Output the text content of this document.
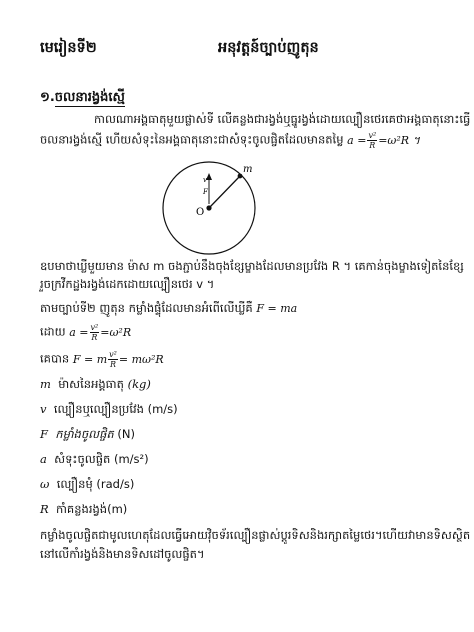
មេរៀនទី២	អនុវត្តន៍ច្បាប់ញូតុន
១.ចលនារង្វង់ស្មើ
កាលណាអង្គធាតុមួយផ្លាស់ទី លើគន្លងជារង្វង់ឬធ្នូរង្វង់ដោយល្បឿនថេរគេថាអង្គធាតុនោះធ្វើ
ចលនារង្វង់ស្មើ ហើយសំទុះនៃអង្គធាតុនោះជាសំទុះចូលផ្ចិតដែលមានតម្លៃ $a = \frac{\text{v²}}{R} =\omega^2R$ ។
m
O
v
F
ឧបមាថាឃ្លីមួយមាន ម៉ាស m ចងភ្ជាប់នឹងចុងខ្សែម្ខាងដែលមានប្រវែង R ។ គេកាន់ចុងម្ខាងទៀតនៃខ្សែ
រួចក្រវីកដ្ឋងរង្វង់ដេកដោយល្បឿនថេរ v ។
តាមច្បាប់ទី២ ញូតុន កម្លាំងផ្ទុំដែលមានអំពើលើឃ្លីគឺ F = ma
ដោយ $a = \frac{\text{v²}}{R} =\omega^2R$
គេបាន F = m $\frac{\text{v²}}{R} = m\omega^2R$
m ម៉ាសនៃអង្គធាតុ (kg)
v ល្បឿនឬល្បឿនប្រវែង (m/s)
F កម្លាំងចូលផ្ចិត (N)
a សំទុះចូលផ្ចិត (m/s²)
ω ល្បឿនមុំ (rad/s)
R កាំគន្លងរង្វង់(m)
កម្លាំងចូលផ្ចិតជាមូលហេតុដែលធ្វើអោយវ៉ិចទ័រល្បឿនផ្លាស់ប្តូរទិសនិងរក្សាតម្លៃថេរ។ហើយវាមានទិសស្ថិត
នៅលើកាំរង្វង់និងមានទិសដៅចូលផ្ចិត។
